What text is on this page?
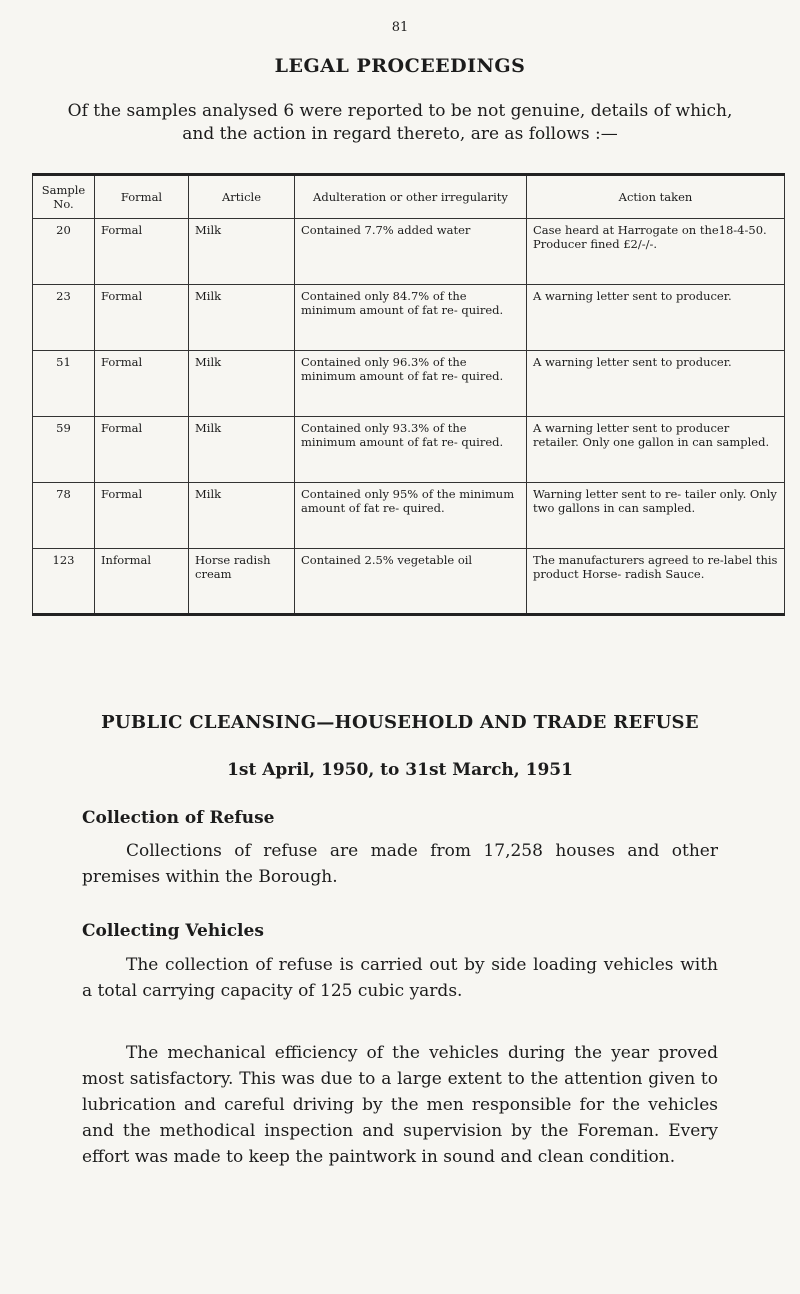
81
LEGAL PROCEEDINGS

Of the samples analysed 6 were reported to be not genuine, details of which, and the action in regard thereto, are as follows :—

Sample No.	Formal	Article	Adulteration or other irregularity	Action taken
20	Formal	Milk	Contained 7.7% added water	Case heard at Harrogate on the18-4-50. Producer fined £2/-/-.
23	Formal	Milk	Contained only 84.7% of the minimum amount of fat re- quired.	A warning letter sent to producer.
51	Formal	Milk	Contained only 96.3% of the minimum amount of fat re- quired.	A warning letter sent to producer.
59	Formal	Milk	Contained only 93.3% of the minimum amount of fat re- quired.	A warning letter sent to producer retailer. Only one gallon in can sampled.
78	Formal	Milk	Contained only 95% of the minimum amount of fat re- quired.	Warning letter sent to re- tailer only. Only two gallons in can sampled.
123	Informal	Horse radish cream	Contained 2.5% vegetable oil	The manufacturers agreed to re-label this product Horse- radish Sauce.
PUBLIC CLEANSING—HOUSEHOLD AND TRADE REFUSE
1st April, 1950, to 31st March, 1951
Collection of Refuse

Collections of refuse are made from 17,258 houses and other premises within the Borough.

Collecting Vehicles

The collection of refuse is carried out by side loading vehicles with a total carrying capacity of 125 cubic yards.

The mechanical efficiency of the vehicles during the year proved most satisfactory. This was due to a large extent to the attention given to lubrication and careful driving by the men responsible for the vehicles and the methodical inspection and supervision by the Foreman. Every effort was made to keep the paintwork in sound and clean condition.
